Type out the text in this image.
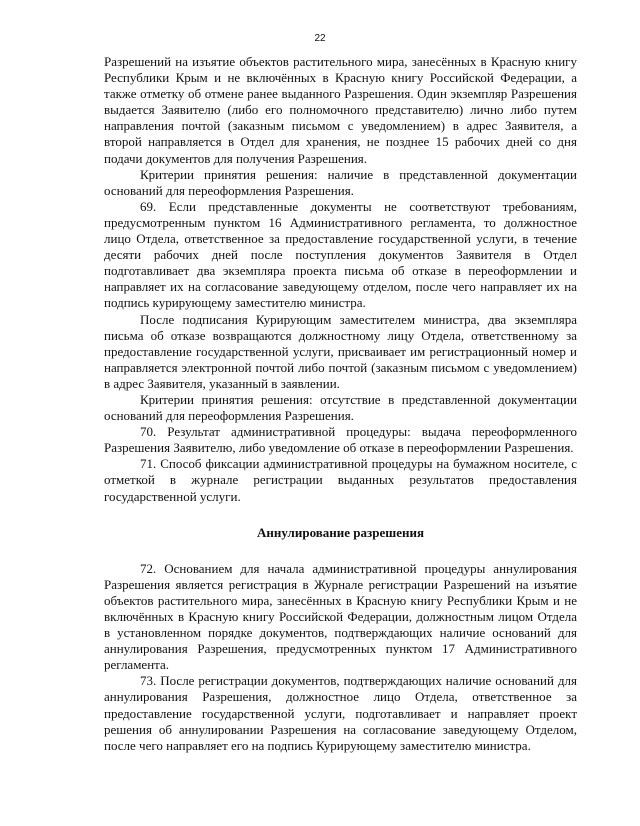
22

Разрешений на изъятие объектов растительного мира, занесённых в Красную книгу Республики Крым и не включённых в Красную книгу Российской Федерации, а также отметку об отмене ранее выданного Разрешения. Один экземпляр Разрешения выдается Заявителю (либо его полномочного представителю) лично либо путем направления почтой (заказным письмом с уведомлением) в адрес Заявителя, а второй направляется в Отдел для хранения, не позднее 15 рабочих дней со дня подачи документов для получения Разрешения.

Критерии принятия решения: наличие в представленной документации оснований для переоформления Разрешения.

69. Если представленные документы не соответствуют требованиям, предусмотренным пунктом 16 Административного регламента, то должностное лицо Отдела, ответственное за предоставление государственной услуги, в течение десяти рабочих дней после поступления документов Заявителя в Отдел подготавливает два экземпляра проекта письма об отказе в переоформлении и направляет их на согласование заведующему отделом, после чего направляет их на подпись курирующему заместителю министра.

После подписания Курирующим заместителем министра, два экземпляра письма об отказе возвращаются должностному лицу Отдела, ответственному за предоставление государственной услуги, присваивает им регистрационный номер и направляется электронной почтой либо почтой (заказным письмом с уведомлением) в адрес Заявителя, указанный в заявлении.

Критерии принятия решения: отсутствие в представленной документации оснований для переоформления Разрешения.

70. Результат административной процедуры: выдача переоформленного Разрешения Заявителю, либо уведомление об отказе в переоформлении Разрешения.

71. Способ фиксации административной процедуры на бумажном носителе, с отметкой в журнале регистрации выданных результатов предоставления государственной услуги.

Аннулирование разрешения

72. Основанием для начала административной процедуры аннулирования Разрешения является регистрация в Журнале регистрации Разрешений на изъятие объектов растительного мира, занесённых в Красную книгу Республики Крым и не включённых в Красную книгу Российской Федерации, должностным лицом Отдела в установленном порядке документов, подтверждающих наличие оснований для аннулирования Разрешения, предусмотренных пунктом 17 Административного регламента.

73. После регистрации документов, подтверждающих наличие оснований для аннулирования Разрешения, должностное лицо Отдела, ответственное за предоставление государственной услуги, подготавливает и направляет проект решения об аннулировании Разрешения на согласование заведующему Отделом, после чего направляет его на подпись Курирующему заместителю министра.
